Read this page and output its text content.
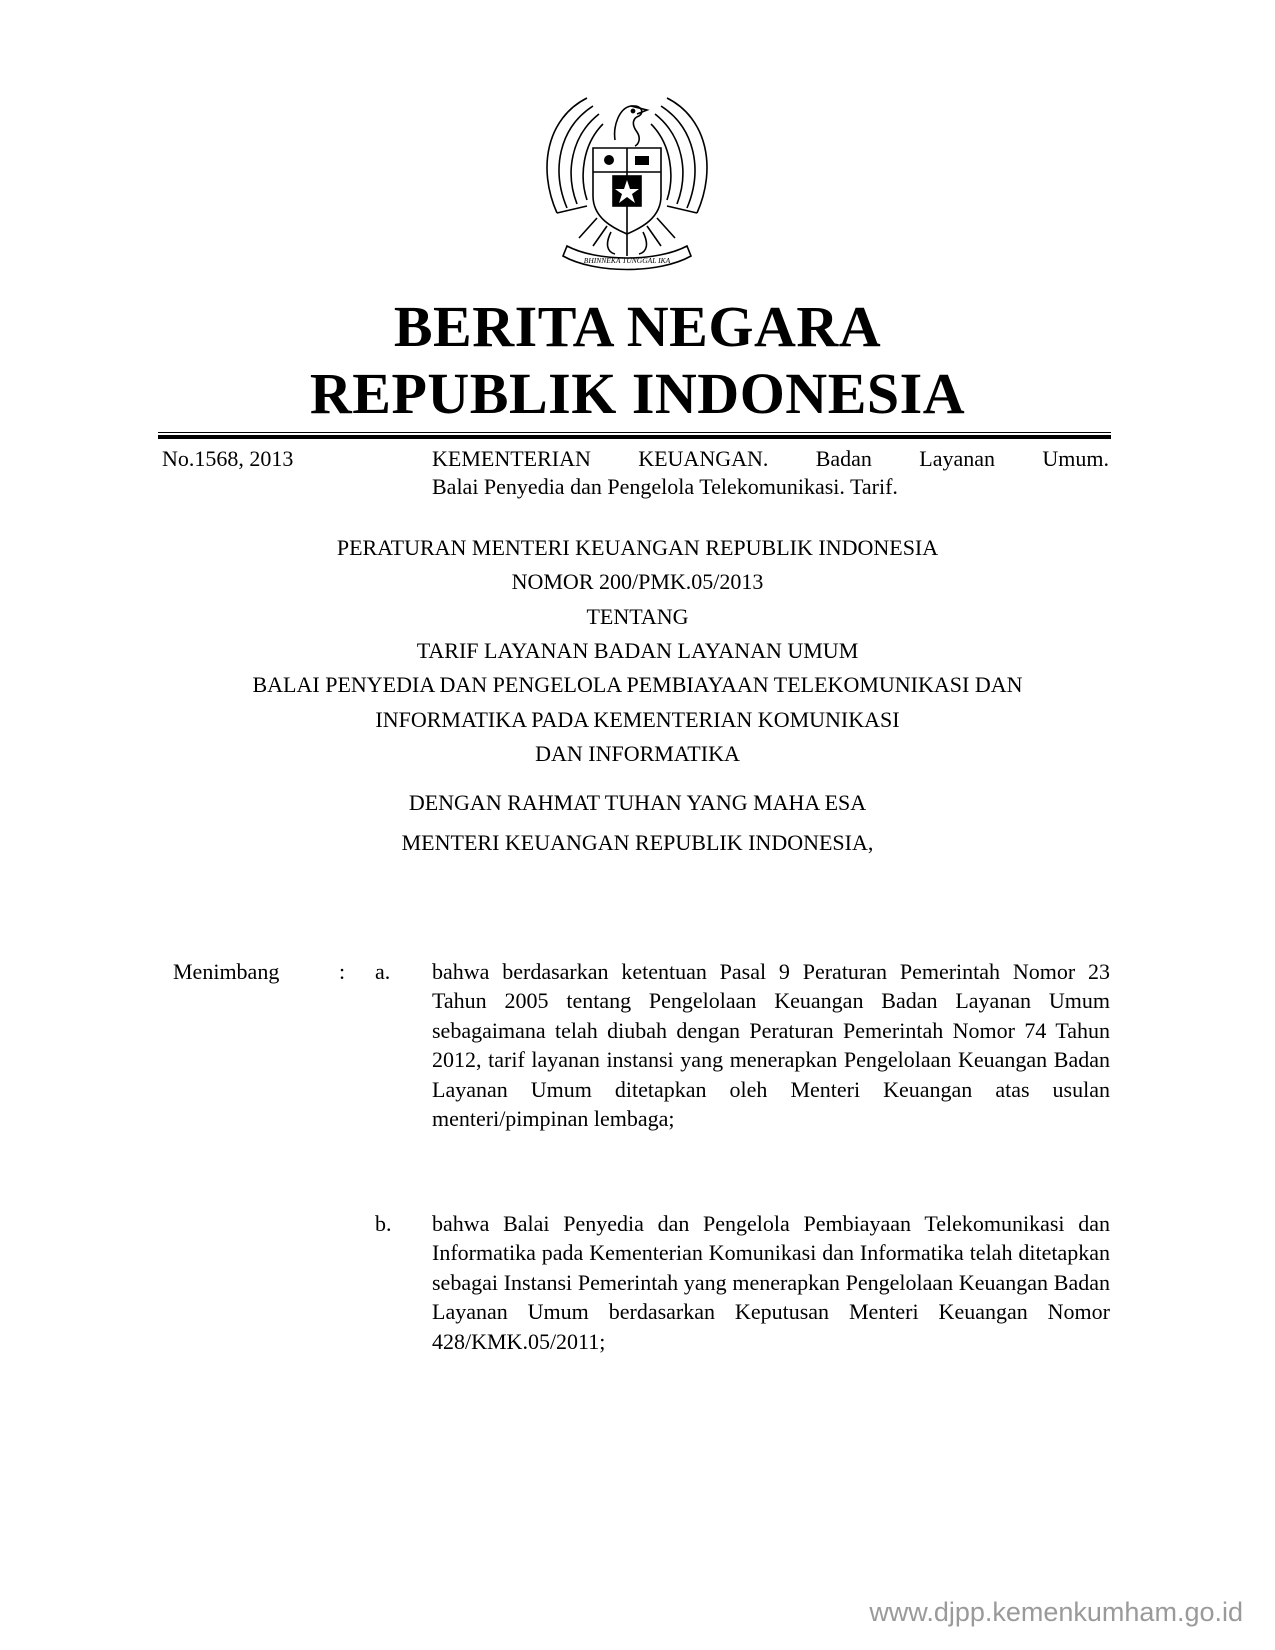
BHINNEKA TUNGGAL IKA
BERITA NEGARA
REPUBLIK INDONESIA
No.1568, 2013	KEMENTERIAN KEUANGAN. Badan Layanan Umum.
Balai Penyedia dan Pengelola Telekomunikasi. Tarif.
PERATURAN MENTERI KEUANGAN REPUBLIK INDONESIA
NOMOR 200/PMK.05/2013
TENTANG
TARIF LAYANAN BADAN LAYANAN UMUM
BALAI PENYEDIA DAN PENGELOLA PEMBIAYAAN TELEKOMUNIKASI DAN
INFORMATIKA PADA KEMENTERIAN KOMUNIKASI
DAN INFORMATIKA
DENGAN RAHMAT TUHAN YANG MAHA ESA
MENTERI KEUANGAN REPUBLIK INDONESIA,
Menimbang	: a. bahwa berdasarkan ketentuan Pasal 9 Peraturan Pemerintah Nomor 23 Tahun 2005 tentang Pengelolaan Keuangan Badan Layanan Umum sebagaimana telah diubah dengan Peraturan Pemerintah Nomor 74 Tahun 2012, tarif layanan instansi yang menerapkan Pengelolaan Keuangan Badan Layanan Umum ditetapkan oleh Menteri Keuangan atas usulan menteri/pimpinan lembaga;
b. bahwa Balai Penyedia dan Pengelola Pembiayaan Telekomunikasi dan Informatika pada Kementerian Komunikasi dan Informatika telah ditetapkan sebagai Instansi Pemerintah yang menerapkan Pengelolaan Keuangan Badan Layanan Umum berdasarkan Keputusan Menteri Keuangan Nomor 428/KMK.05/2011;
www.djpp.kemenkumham.go.id
